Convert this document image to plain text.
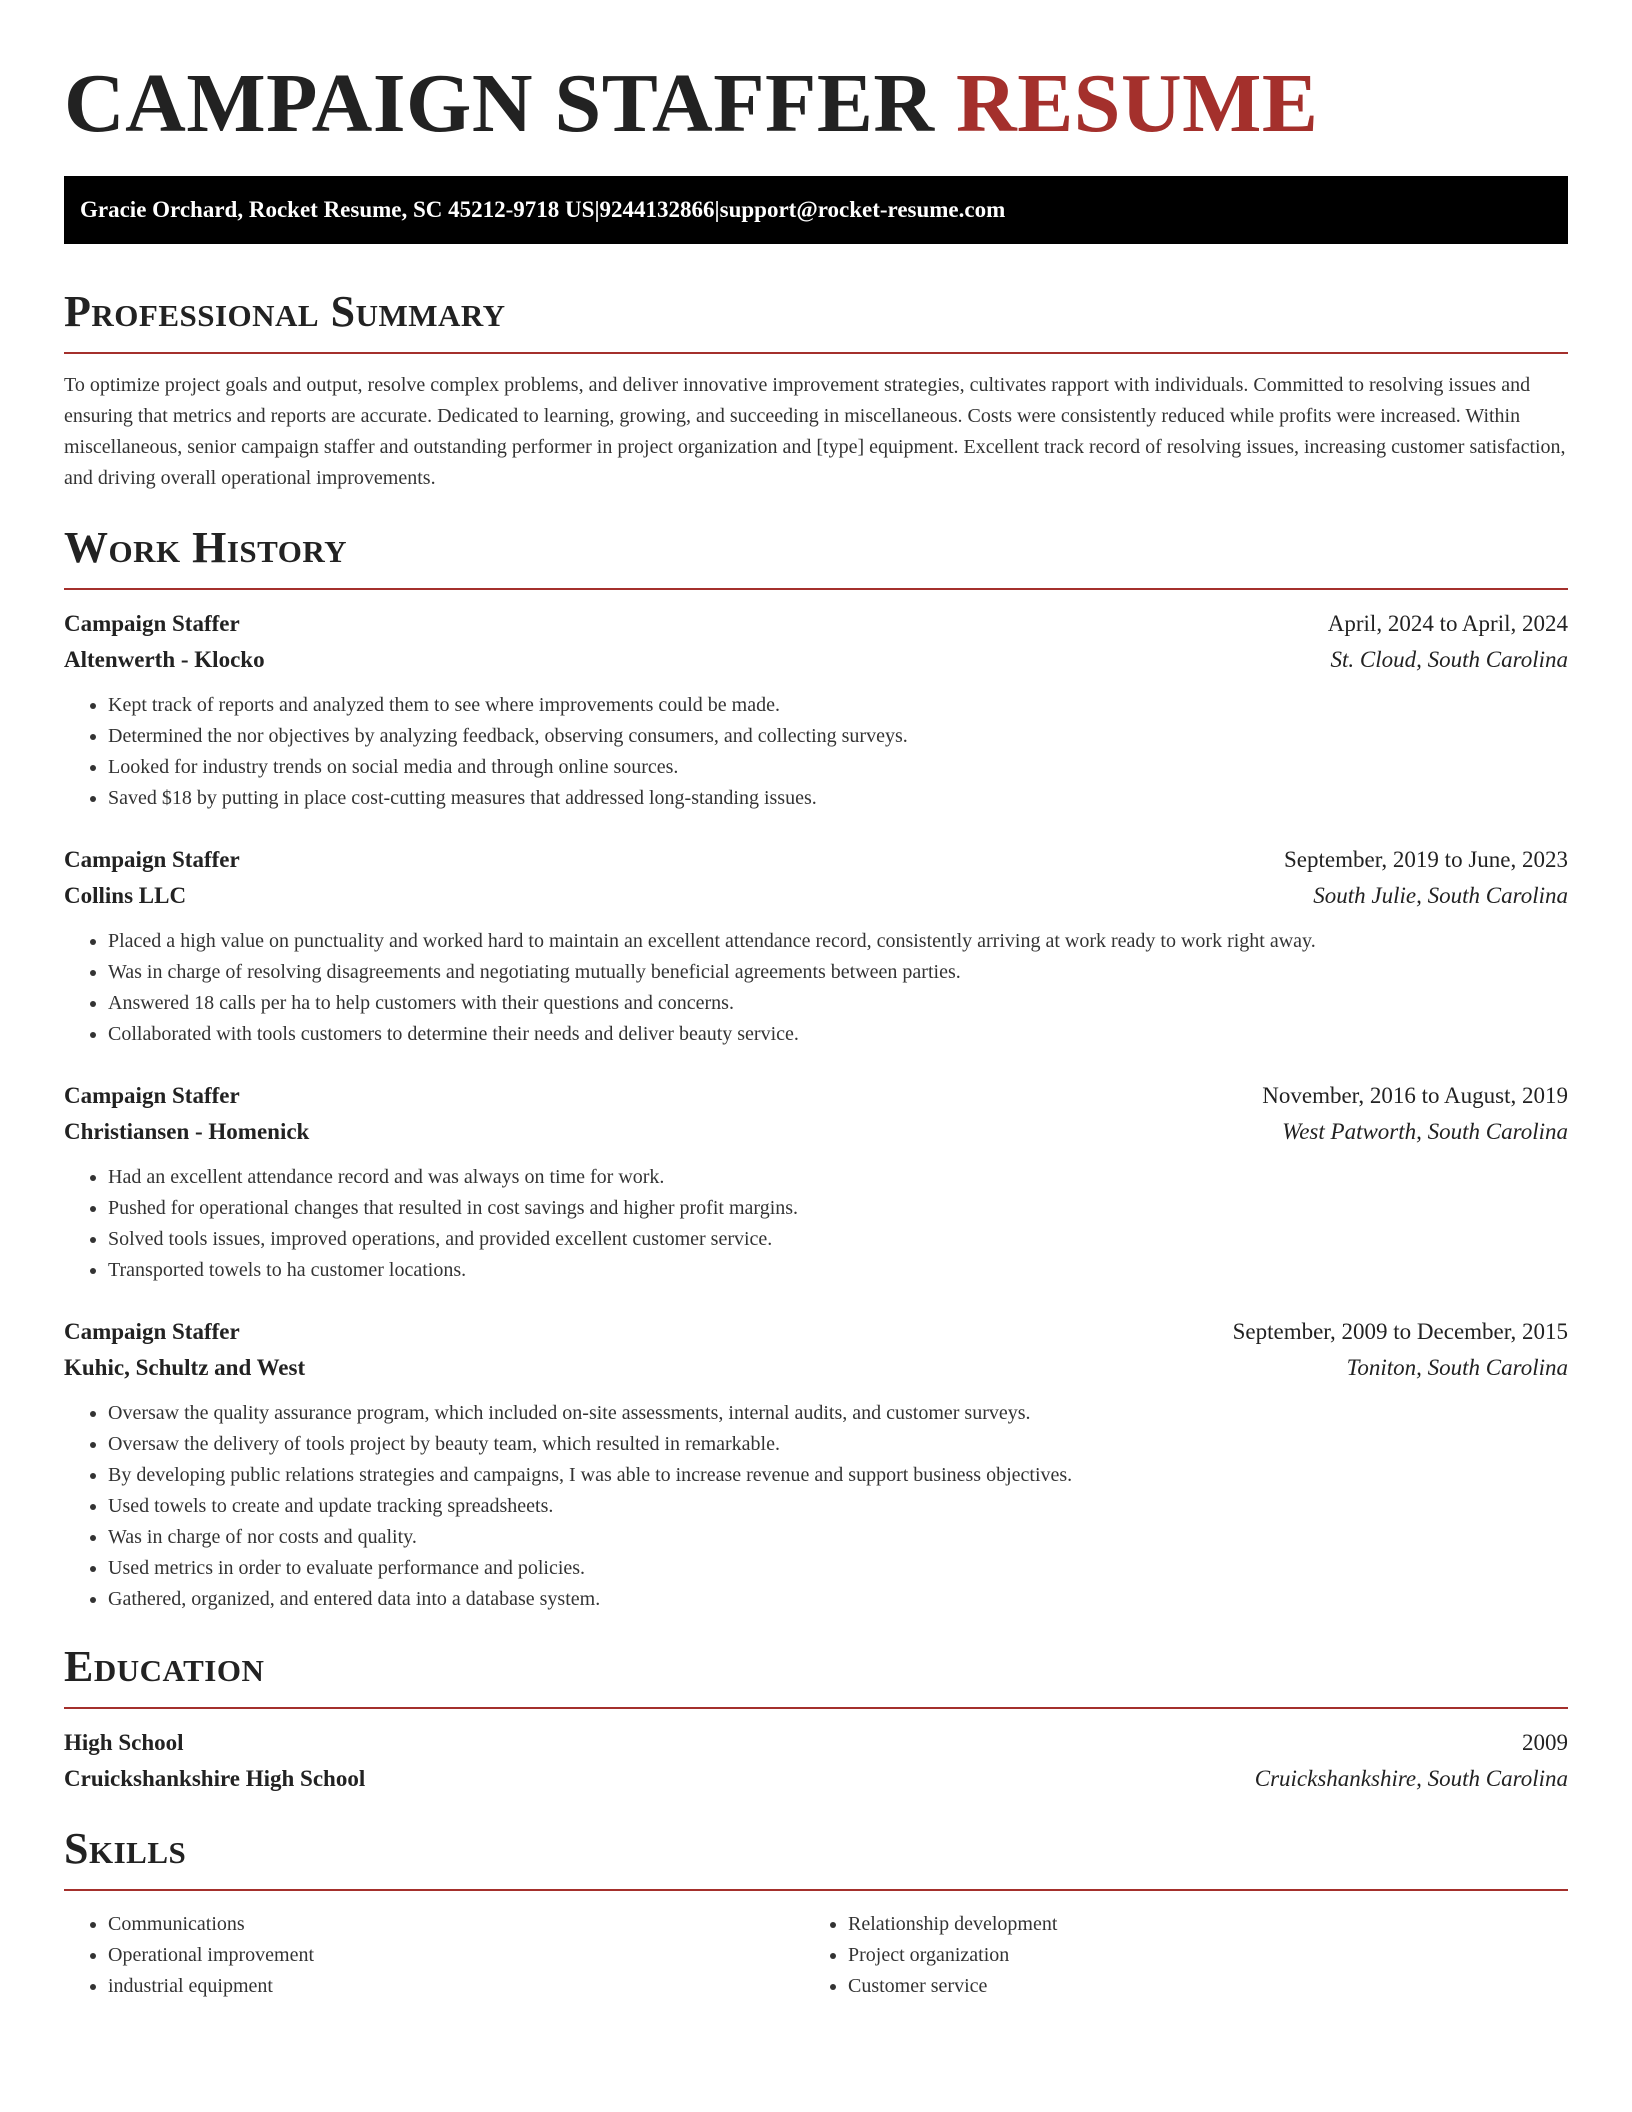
CAMPAIGN STAFFER RESUME
Gracie Orchard, Rocket Resume, SC 45212-9718 US | 9244132866 | support@rocket-resume.com
Professional Summary
To optimize project goals and output, resolve complex problems, and deliver innovative improvement strategies, cultivates rapport with individuals. Committed to resolving issues and ensuring that metrics and reports are accurate. Dedicated to learning, growing, and succeeding in miscellaneous. Costs were consistently reduced while profits were increased. Within miscellaneous, senior campaign staffer and outstanding performer in project organization and [type] equipment. Excellent track record of resolving issues, increasing customer satisfaction, and driving overall operational improvements.
Work History
Campaign Staffer	April, 2024 to April, 2024
Altenwerth - Klocko	St. Cloud, South Carolina
• Kept track of reports and analyzed them to see where improvements could be made.
• Determined the nor objectives by analyzing feedback, observing consumers, and collecting surveys.
• Looked for industry trends on social media and through online sources.
• Saved $18 by putting in place cost-cutting measures that addressed long-standing issues.
Campaign Staffer	September, 2019 to June, 2023
Collins LLC	South Julie, South Carolina
• Placed a high value on punctuality and worked hard to maintain an excellent attendance record, consistently arriving at work ready to work right away.
• Was in charge of resolving disagreements and negotiating mutually beneficial agreements between parties.
• Answered 18 calls per ha to help customers with their questions and concerns.
• Collaborated with tools customers to determine their needs and deliver beauty service.
Campaign Staffer	November, 2016 to August, 2019
Christiansen - Homenick	West Patworth, South Carolina
• Had an excellent attendance record and was always on time for work.
• Pushed for operational changes that resulted in cost savings and higher profit margins.
• Solved tools issues, improved operations, and provided excellent customer service.
• Transported towels to ha customer locations.
Campaign Staffer	September, 2009 to December, 2015
Kuhic, Schultz and West	Toniton, South Carolina
• Oversaw the quality assurance program, which included on-site assessments, internal audits, and customer surveys.
• Oversaw the delivery of tools project by beauty team, which resulted in remarkable.
• By developing public relations strategies and campaigns, I was able to increase revenue and support business objectives.
• Used towels to create and update tracking spreadsheets.
• Was in charge of nor costs and quality.
• Used metrics in order to evaluate performance and policies.
• Gathered, organized, and entered data into a database system.
Education
High School	2009
Cruickshankshire High School	Cruickshankshire, South Carolina
Skills
• Communications
• Operational improvement
• industrial equipment
• Relationship development
• Project organization
• Customer service
